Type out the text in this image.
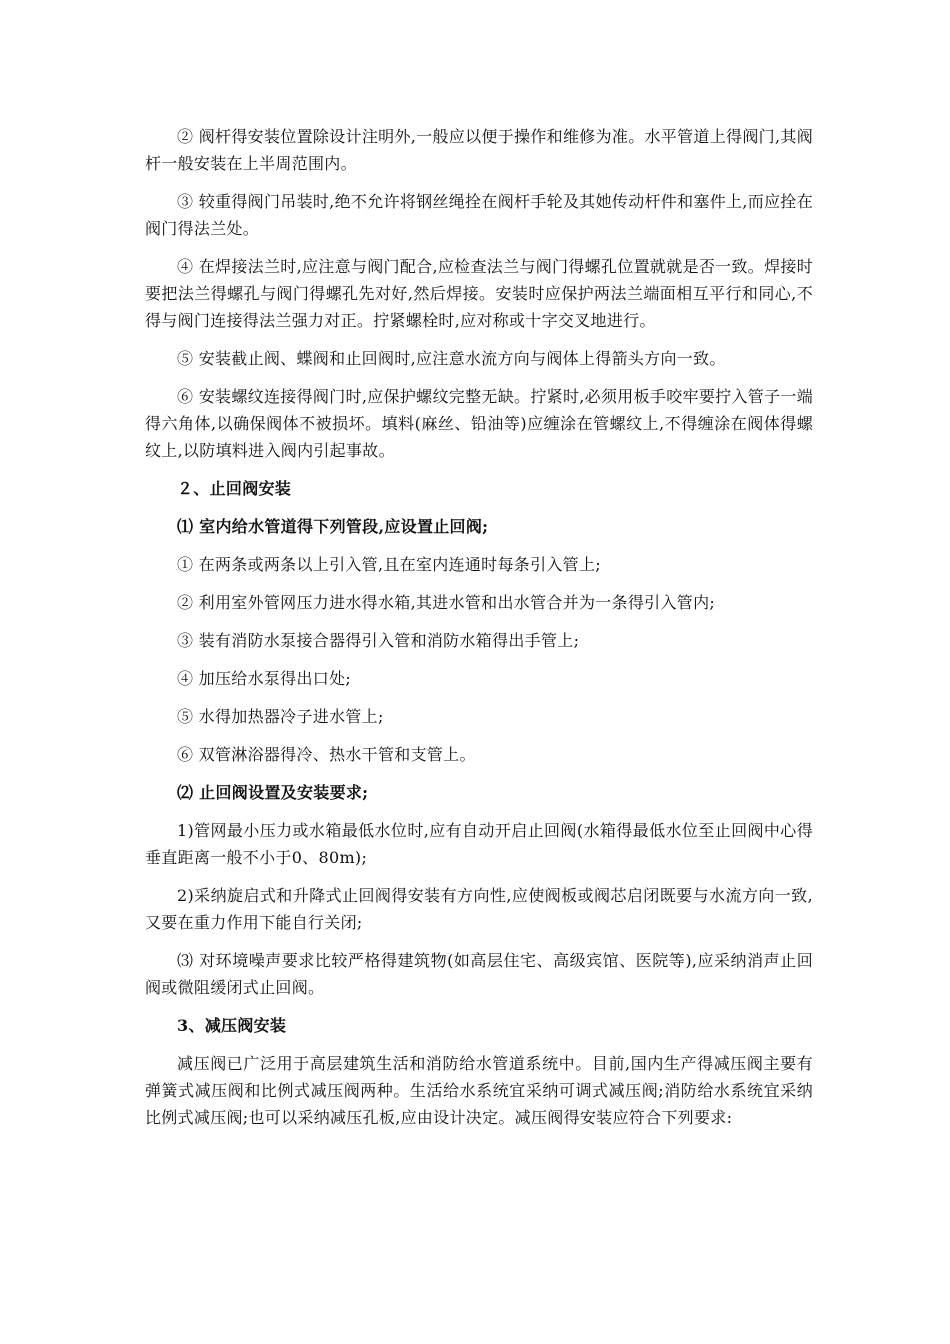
② 阀杆得安装位置除设计注明外,一般应以便于操作和维修为准。水平管道上得阀门,其阀杆一般安装在上半周范围内。

③ 较重得阀门吊装时,绝不允许将钢丝绳拴在阀杆手轮及其她传动杆件和塞件上,而应拴在阀门得法兰处。

④ 在焊接法兰时,应注意与阀门配合,应检查法兰与阀门得螺孔位置就就是否一致。焊接时要把法兰得螺孔与阀门得螺孔先对好,然后焊接。安装时应保护两法兰端面相互平行和同心,不得与阀门连接得法兰强力对正。拧紧螺栓时,应对称或十字交叉地进行。

⑤ 安装截止阀、蝶阀和止回阀时,应注意水流方向与阀体上得箭头方向一致。

⑥ 安装螺纹连接得阀门时,应保护螺纹完整无缺。拧紧时,必须用板手咬牢要拧入管子一端得六角体,以确保阀体不被损坏。填料(麻丝、铅油等)应缠涂在管螺纹上,不得缠涂在阀体得螺纹上,以防填料进入阀内引起事故。

２、止回阀安装

⑴ 室内给水管道得下列管段,应设置止回阀;

① 在两条或两条以上引入管,且在室内连通时每条引入管上;

② 利用室外管网压力进水得水箱,其进水管和出水管合并为一条得引入管内;

③ 装有消防水泵接合器得引入管和消防水箱得出手管上;

④ 加压给水泵得出口处;

⑤ 水得加热器冷子进水管上;

⑥ 双管淋浴器得冷、热水干管和支管上。

⑵ 止回阀设置及安装要求;

1)管网最小压力或水箱最低水位时,应有自动开启止回阀(水箱得最低水位至止回阀中心得垂直距离一般不小于0、80m);

2)采纳旋启式和升降式止回阀得安装有方向性,应使阀板或阀芯启闭既要与水流方向一致,又要在重力作用下能自行关闭;

⑶ 对环境噪声要求比较严格得建筑物(如高层住宅、高级宾馆、医院等),应采纳消声止回阀或微阻缓闭式止回阀。

3、减压阀安装

减压阀已广泛用于高层建筑生活和消防给水管道系统中。目前,国内生产得减压阀主要有弹簧式减压阀和比例式减压阀两种。生活给水系统宜采纳可调式减压阀;消防给水系统宜采纳比例式减压阀;也可以采纳减压孔板,应由设计决定。减压阀得安装应符合下列要求:
